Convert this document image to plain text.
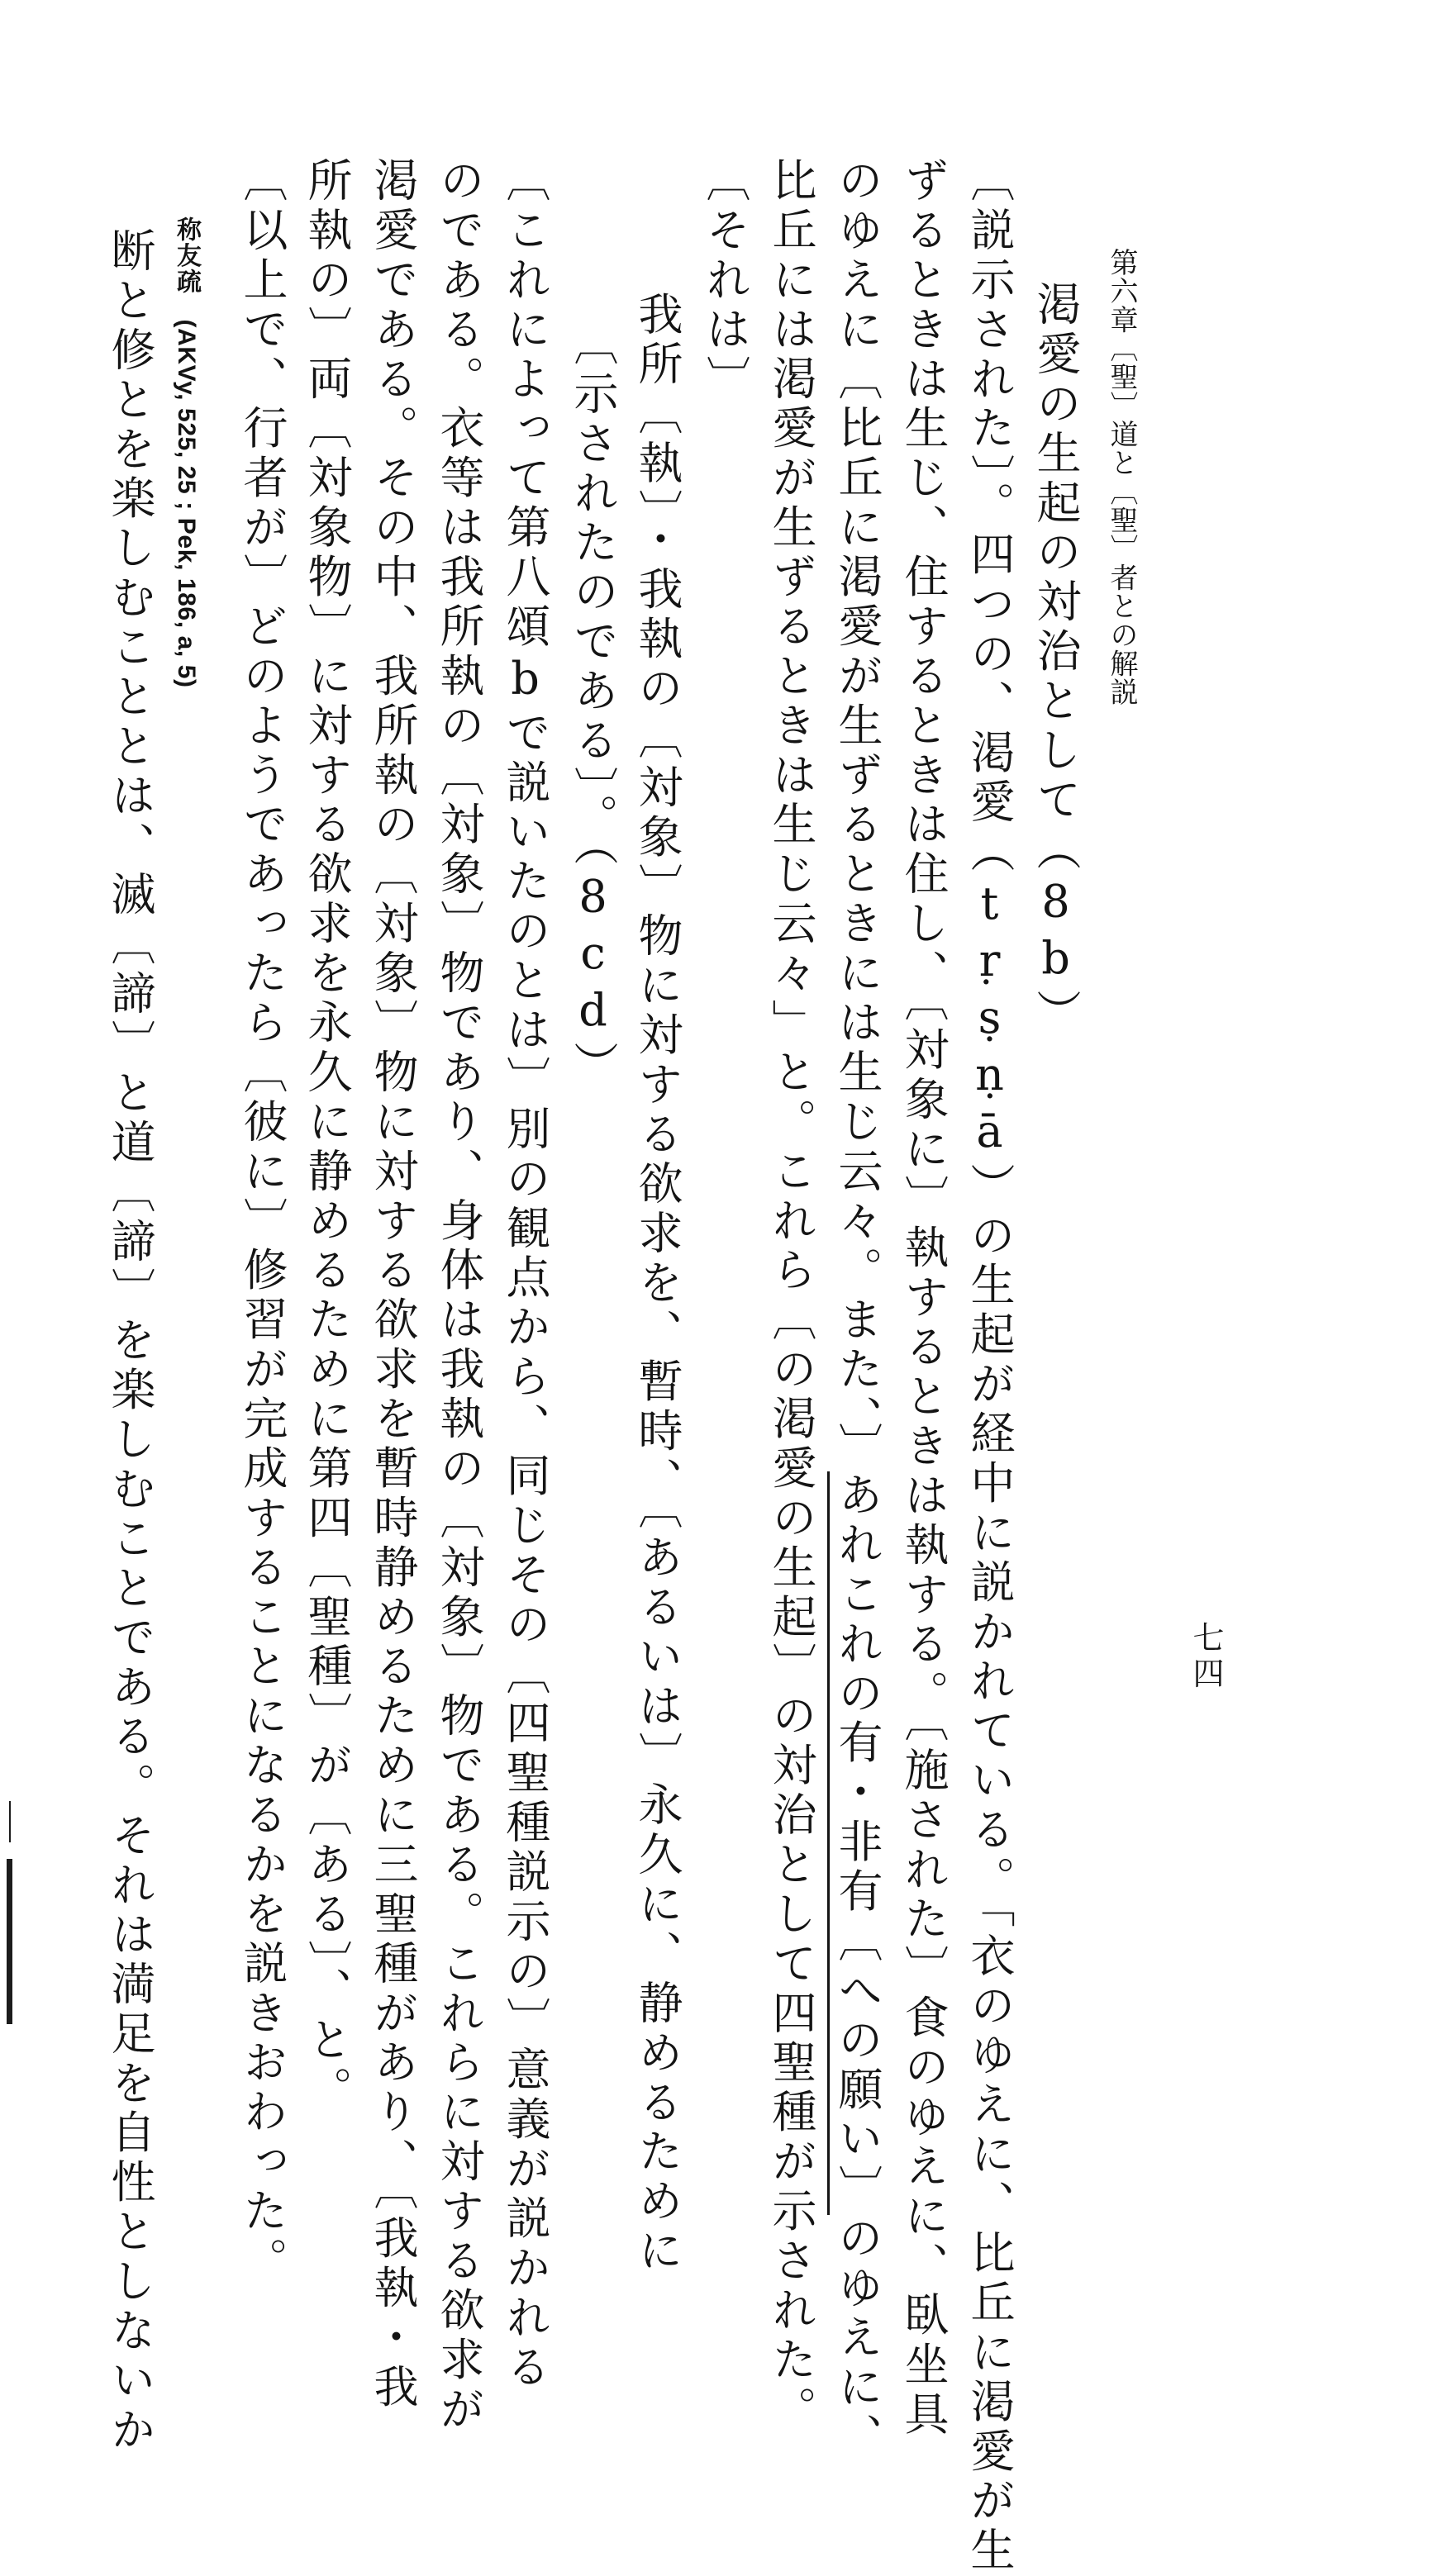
第六章〔聖〕道と〔聖〕者との解説
七四
渇愛の生起の対治として（8b）
〔説示された〕。四つの、渇愛（tṛṣṇā）の生起が経中に説かれている。「衣のゆえに、比丘に渇愛が生
ずるときは生じ、住するときは住し、〔対象に〕執するときは執する。〔施された〕食のゆえに、臥坐具
のゆえに〔比丘に渇愛が生ずるときには生じ云々。また、〕あれこれの有・非有〔への願い〕のゆえに、
比丘には渇愛が生ずるときは生じ云々」と。これら〔の渇愛の生起〕の対治として四聖種が示された。
〔それは〕
我所〔執〕・我執の〔対象〕物に対する欲求を、暫時、〔あるいは〕永久に、静めるために
〔示されたのである〕。（8cd）
〔これによって第八頌bで説いたのとは〕別の観点から、同じその〔四聖種説示の〕意義が説かれる
のである。衣等は我所執の〔対象〕物であり、身体は我執の〔対象〕物である。これらに対する欲求が
渇愛である。その中、我所執の〔対象〕物に対する欲求を暫時静めるために三聖種があり、〔我執・我
所執の〕両〔対象物〕に対する欲求を永久に静めるために第四〔聖種〕が〔ある〕、と。
〔以上で、行者が〕どのようであったら〔彼に〕修習が完成することになるかを説きおわった。
称友疏(AKVy, 525, 25 ; Pek, 186, a, 5)
断と修とを楽しむこととは、滅〔諦〕と道〔諦〕を楽しむことである。それは満足を自性としないか
